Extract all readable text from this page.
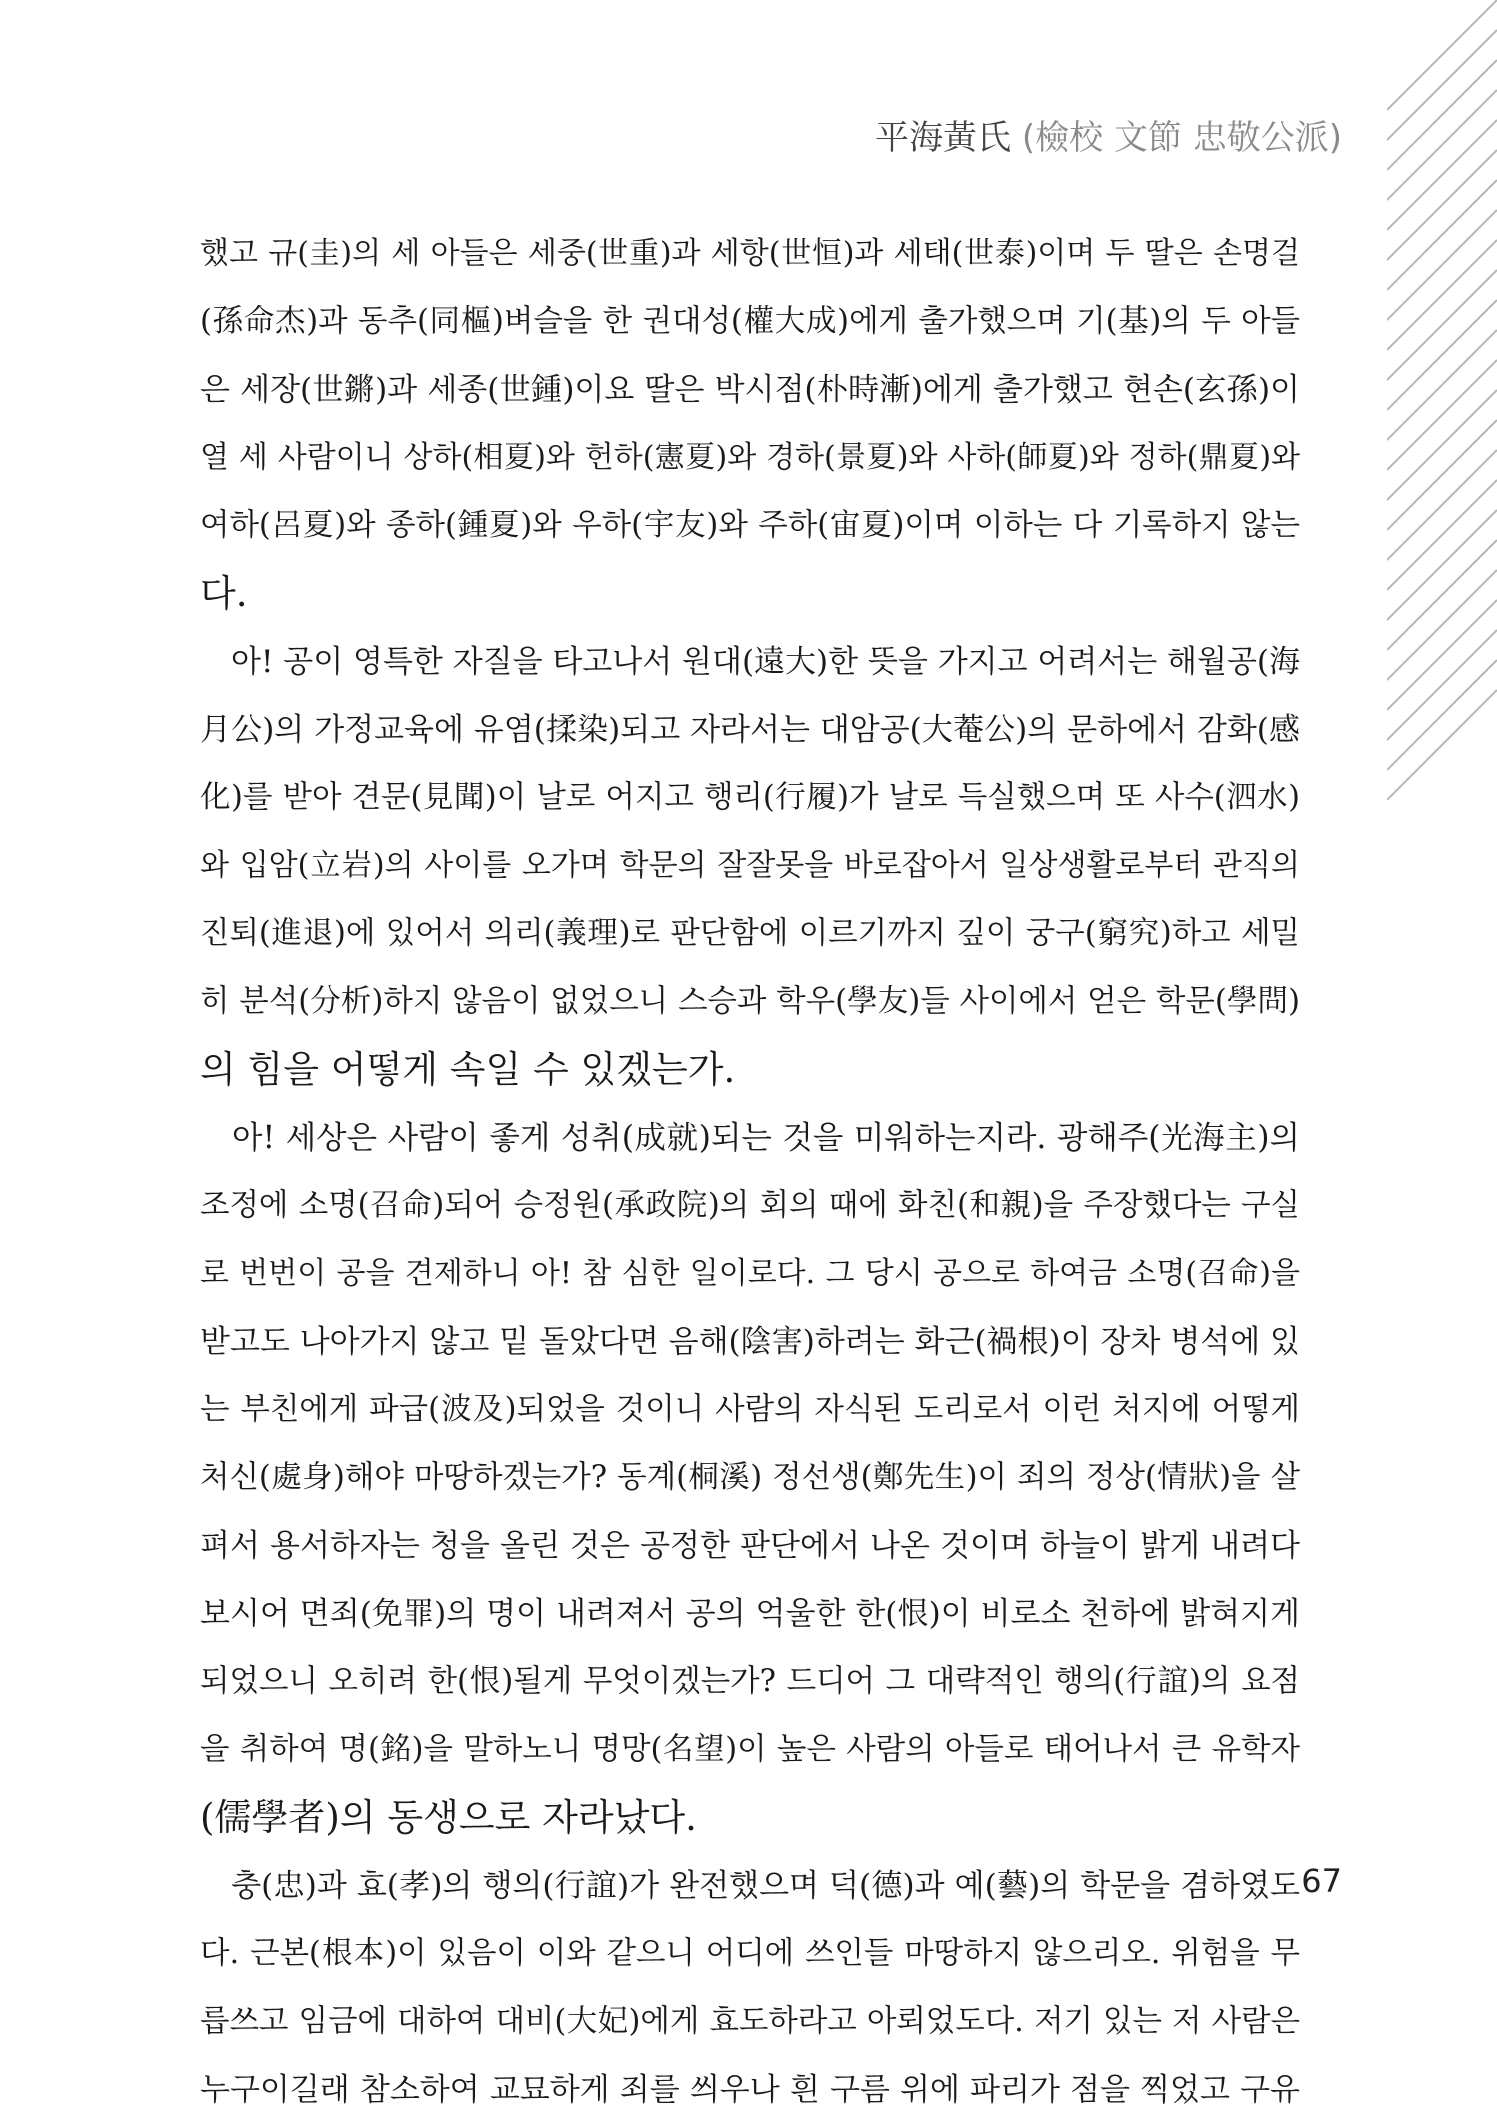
平海黃氏 (檢校 文節 忠敬公派)
했고 규(圭)의 세 아들은 세중(世重)과 세항(世恒)과 세태(世泰)이며 두 딸은 손명걸
(孫命杰)과 동추(同樞)벼슬을 한 권대성(權大成)에게 출가했으며 기(基)의 두 아들
은 세장(世鏘)과 세종(世鍾)이요 딸은 박시점(朴時漸)에게 출가했고 현손(玄孫)이
열 세 사람이니 상하(相夏)와 헌하(憲夏)와 경하(景夏)와 사하(師夏)와 정하(鼎夏)와
여하(呂夏)와 종하(鍾夏)와 우하(宇友)와 주하(宙夏)이며 이하는 다 기록하지 않는
다.
　아! 공이 영특한 자질을 타고나서 원대(遠大)한 뜻을 가지고 어려서는 해월공(海
月公)의 가정교육에 유염(揉染)되고 자라서는 대암공(大菴公)의 문하에서 감화(感
化)를 받아 견문(見聞)이 날로 어지고 행리(行履)가 날로 득실했으며 또 사수(泗水)
와 입암(立岩)의 사이를 오가며 학문의 잘잘못을 바로잡아서 일상생활로부터 관직의
진퇴(進退)에 있어서 의리(義理)로 판단함에 이르기까지 깊이 궁구(窮究)하고 세밀
히 분석(分析)하지 않음이 없었으니 스승과 학우(學友)들 사이에서 얻은 학문(學問)
의 힘을 어떻게 속일 수 있겠는가.
　아! 세상은 사람이 좋게 성취(成就)되는 것을 미워하는지라. 광해주(光海主)의
조정에 소명(召命)되어 승정원(承政院)의 회의 때에 화친(和親)을 주장했다는 구실
로 번번이 공을 견제하니 아! 참 심한 일이로다. 그 당시 공으로 하여금 소명(召命)을
받고도 나아가지 않고 밑 돌았다면 음해(陰害)하려는 화근(禍根)이 장차 병석에 있
는 부친에게 파급(波及)되었을 것이니 사람의 자식된 도리로서 이런 처지에 어떻게
처신(處身)해야 마땅하겠는가? 동계(桐溪) 정선생(鄭先生)이 죄의 정상(情狀)을 살
펴서 용서하자는 청을 올린 것은 공정한 판단에서 나온 것이며 하늘이 밝게 내려다
보시어 면죄(免罪)의 명이 내려져서 공의 억울한 한(恨)이 비로소 천하에 밝혀지게
되었으니 오히려 한(恨)될게 무엇이겠는가? 드디어 그 대략적인 행의(行誼)의 요점
을 취하여 명(銘)을 말하노니 명망(名望)이 높은 사람의 아들로 태어나서 큰 유학자
(儒學者)의 동생으로 자라났다.
　충(忠)과 효(孝)의 행의(行誼)가 완전했으며 덕(德)과 예(藝)의 학문을 겸하였도
다. 근본(根本)이 있음이 이와 같으니 어디에 쓰인들 마땅하지 않으리오. 위험을 무
릅쓰고 임금에 대하여 대비(大妃)에게 효도하라고 아뢰었도다. 저기 있는 저 사람은
누구이길래 참소하여 교묘하게 죄를 씌우나 흰 구름 위에 파리가 점을 찍었고 구유
67
